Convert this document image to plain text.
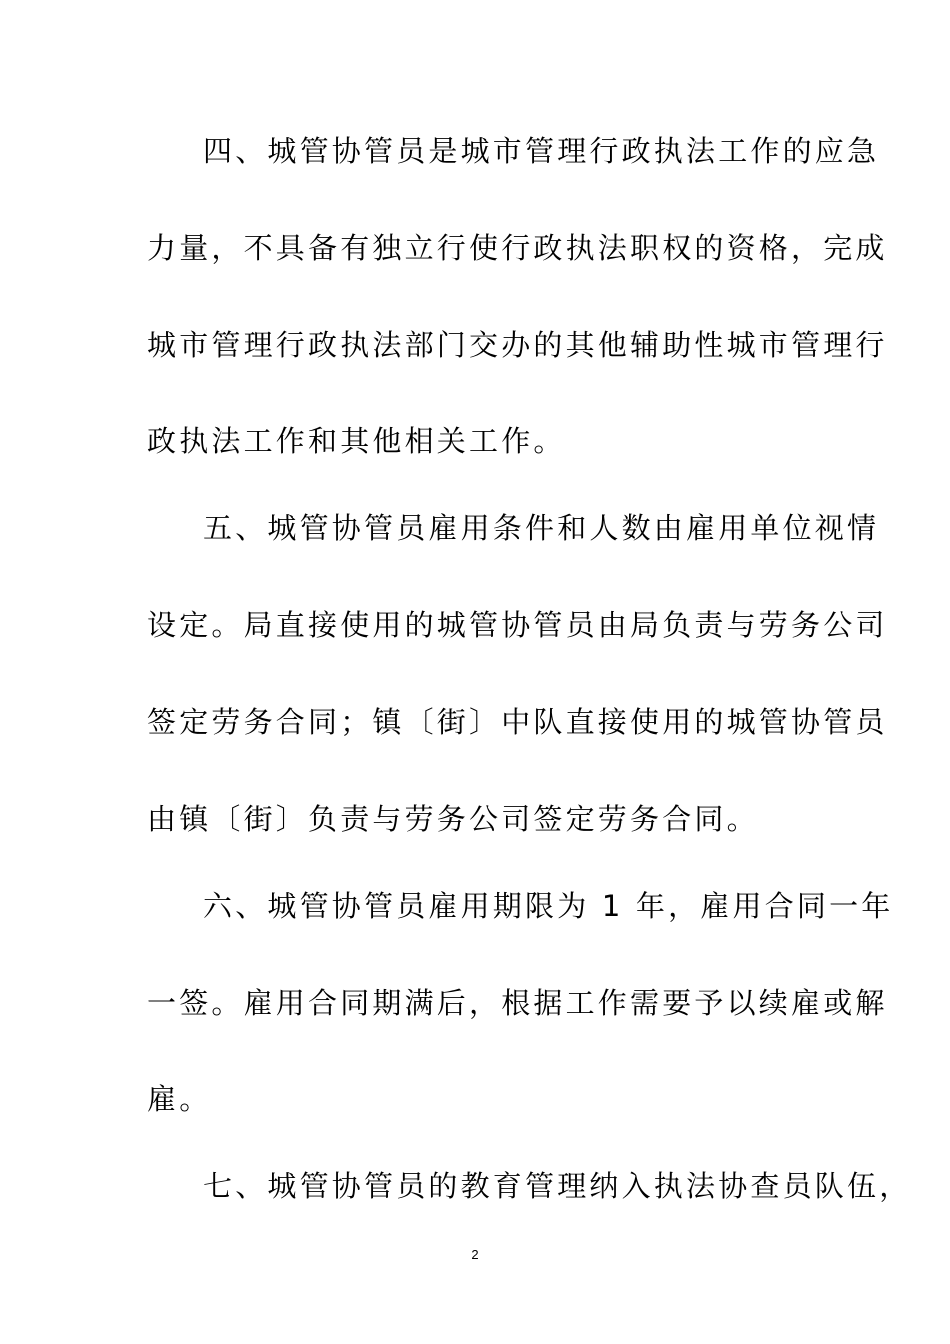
四、城管协管员是城市管理行政执法工作的应急
力量，不具备有独立行使行政执法职权的资格，完成
城市管理行政执法部门交办的其他辅助性城市管理行
政执法工作和其他相关工作。
五、城管协管员雇用条件和人数由雇用单位视情
设定。局直接使用的城管协管员由局负责与劳务公司
签定劳务合同；镇〔街〕中队直接使用的城管协管员
由镇〔街〕负责与劳务公司签定劳务合同。
六、城管协管员雇用期限为 1 年，雇用合同一年
一签。雇用合同期满后，根据工作需要予以续雇或解
雇。
七、城管协管员的教育管理纳入执法协查员队伍，
2
